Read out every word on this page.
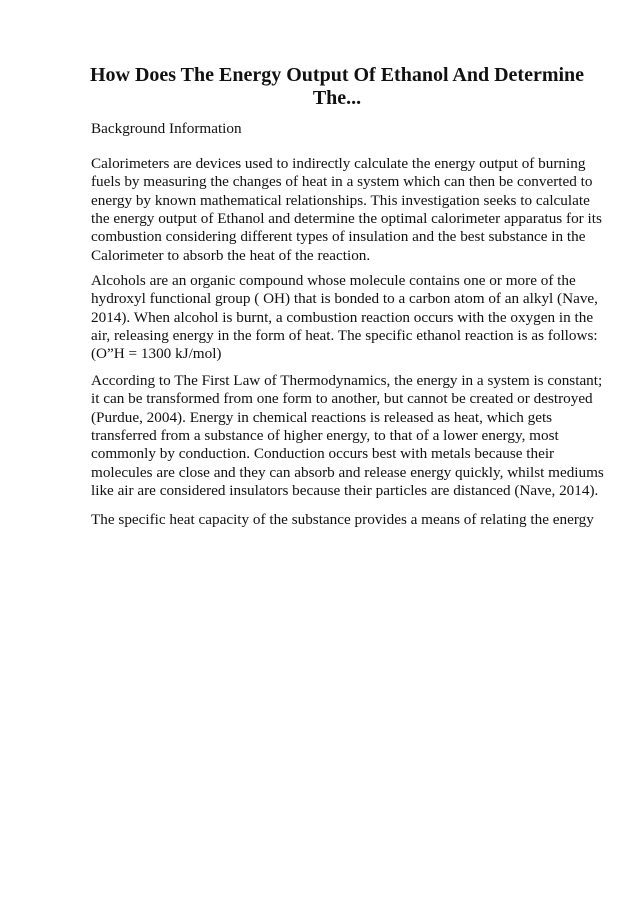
How Does The Energy Output Of Ethanol And Determine
The...

Background Information

Calorimeters are devices used to indirectly calculate the energy output of burning
fuels by measuring the changes of heat in a system which can then be converted to
energy by known mathematical relationships. This investigation seeks to calculate
the energy output of Ethanol and determine the optimal calorimeter apparatus for its
combustion considering different types of insulation and the best substance in the
Calorimeter to absorb the heat of the reaction.

Alcohols are an organic compound whose molecule contains one or more of the
hydroxyl functional group ( OH) that is bonded to a carbon atom of an alkyl (Nave,
2014). When alcohol is burnt, a combustion reaction occurs with the oxygen in the
air, releasing energy in the form of heat. The specific ethanol reaction is as follows:
(O”H = 1300 kJ/mol)

According to The First Law of Thermodynamics, the energy in a system is constant;
it can be transformed from one form to another, but cannot be created or destroyed
(Purdue, 2004). Energy in chemical reactions is released as heat, which gets
transferred from a substance of higher energy, to that of a lower energy, most
commonly by conduction. Conduction occurs best with metals because their
molecules are close and they can absorb and release energy quickly, whilst mediums
like air are considered insulators because their particles are distanced (Nave, 2014).

The specific heat capacity of the substance provides a means of relating the energy
